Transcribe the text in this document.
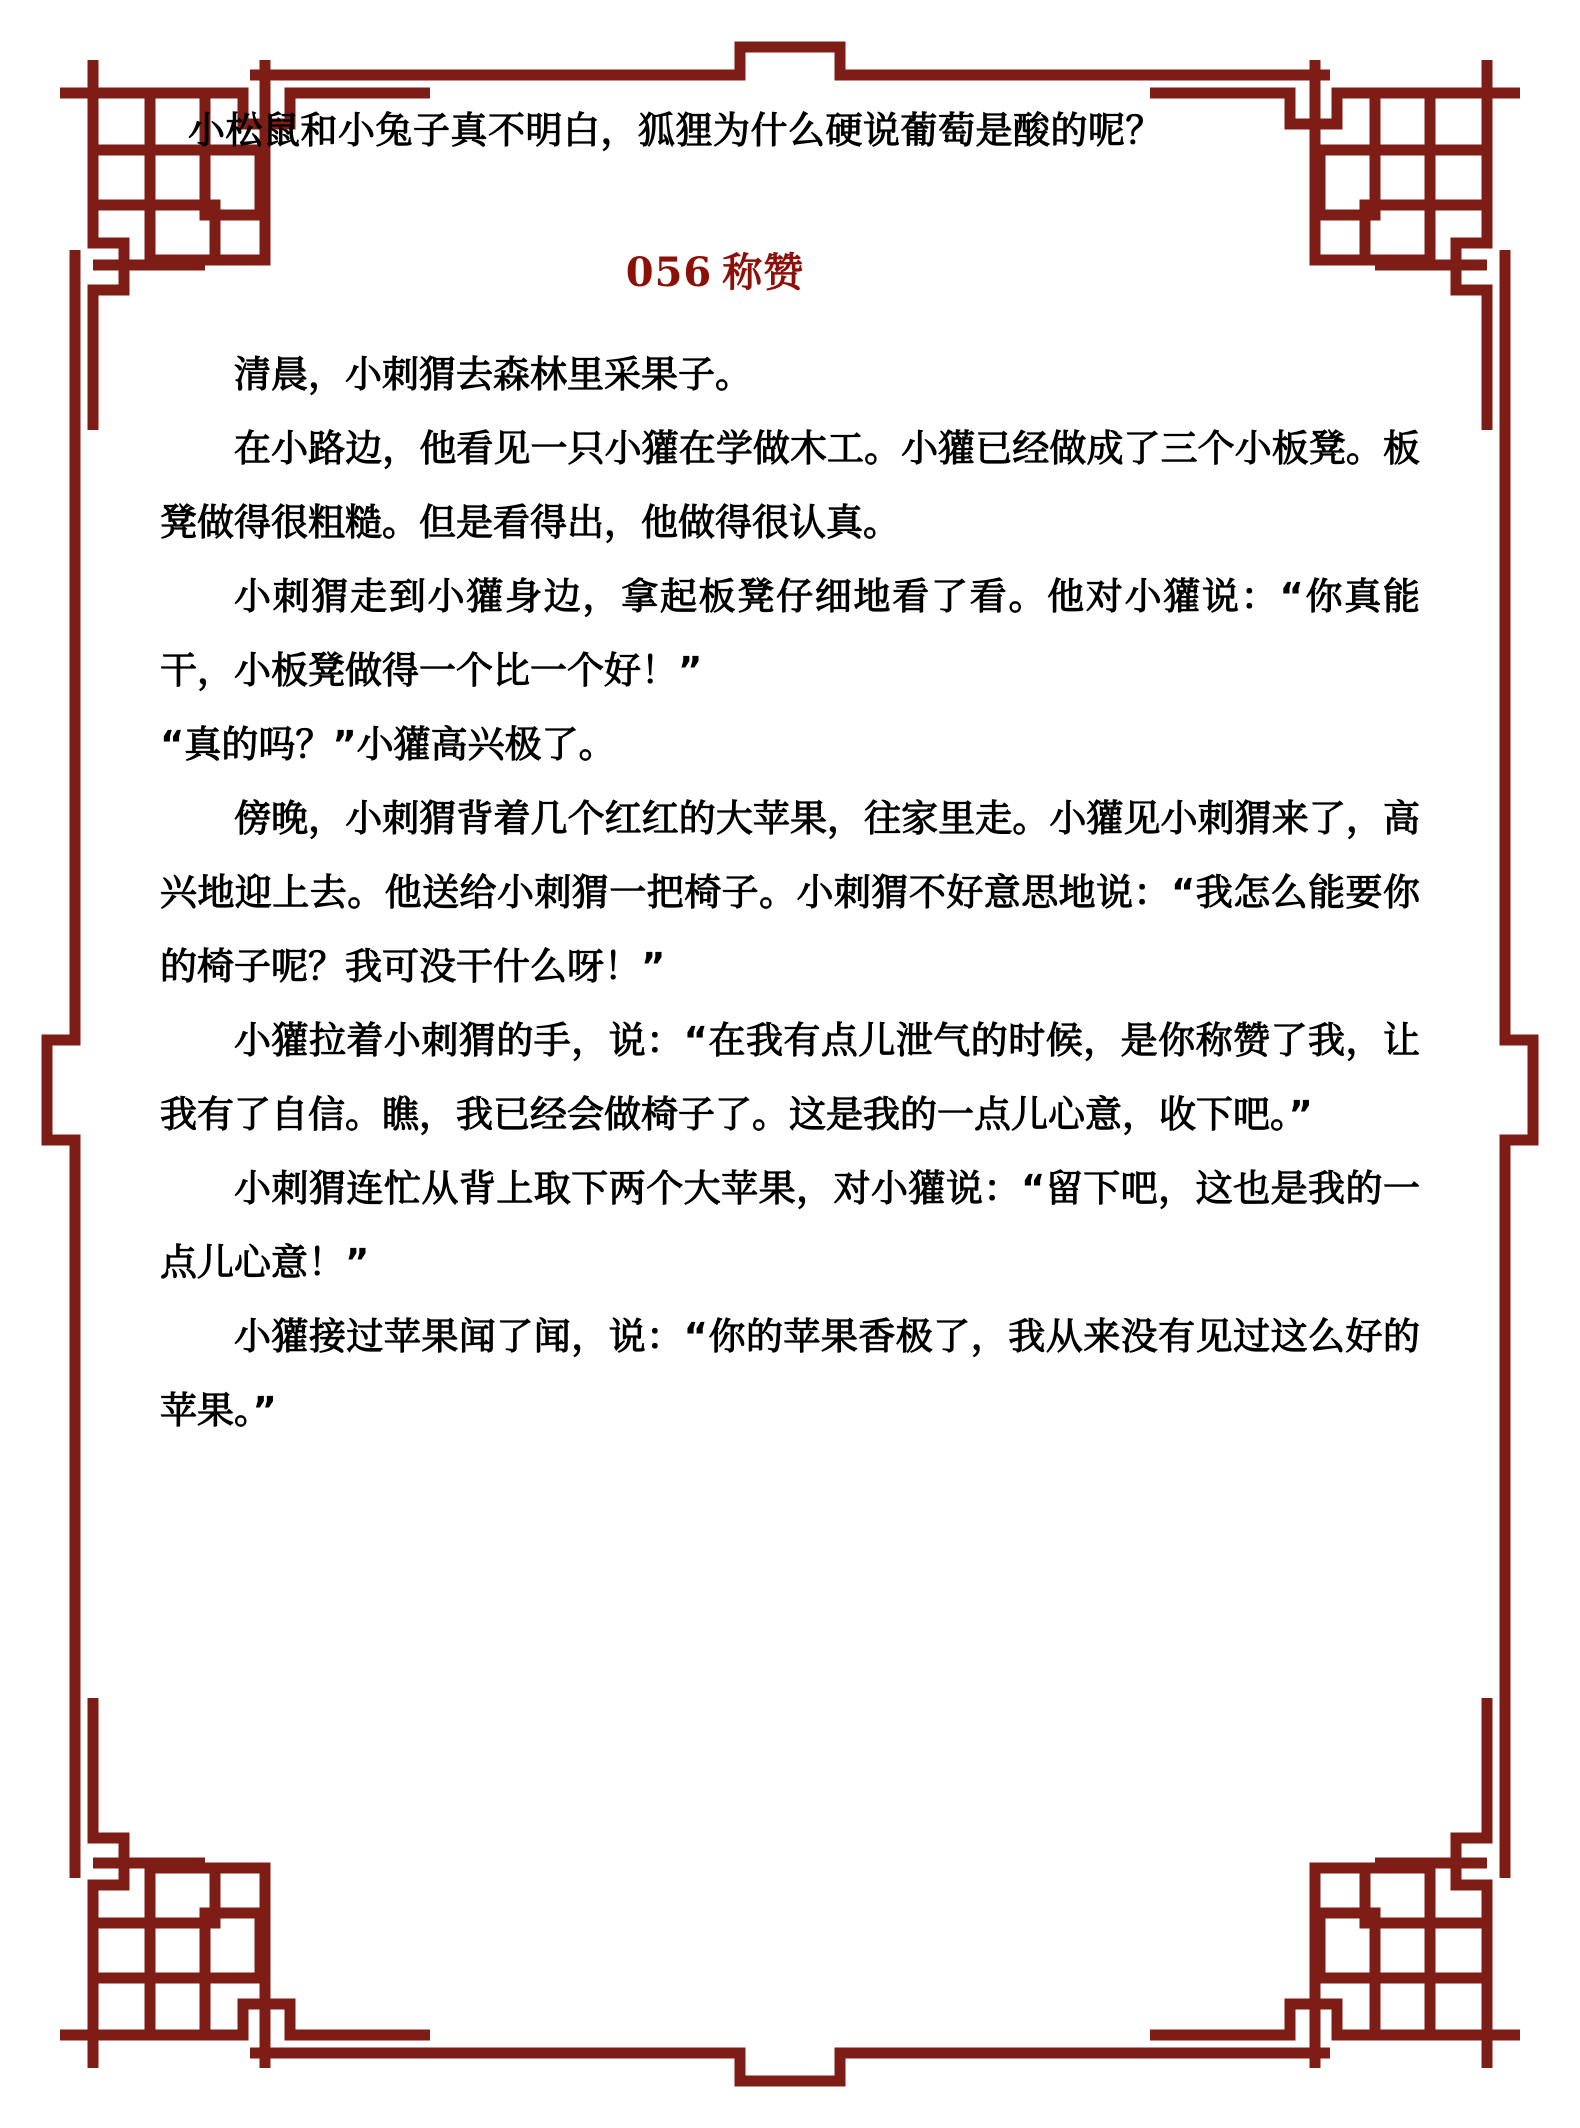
小松鼠和小兔子真不明白，狐狸为什么硬说葡萄是酸的呢？
056 称赞

清晨，小刺猬去森林里采果子。

在小路边，他看见一只小獾在学做木工。小獾已经做成了三个小板凳。板凳做得很粗糙。但是看得出，他做得很认真。

小刺猬走到小獾身边，拿起板凳仔细地看了看。他对小獾说：“你真能干，小板凳做得一个比一个好！”

“真的吗？”小獾高兴极了。

傍晚，小刺猬背着几个红红的大苹果，往家里走。小獾见小刺猬来了，高兴地迎上去。他送给小刺猬一把椅子。小刺猬不好意思地说：“我怎么能要你的椅子呢？我可没干什么呀！”

小獾拉着小刺猬的手，说：“在我有点儿泄气的时候，是你称赞了我，让我有了自信。瞧，我已经会做椅子了。这是我的一点儿心意，收下吧。”

小刺猬连忙从背上取下两个大苹果，对小獾说：“留下吧，这也是我的一点儿心意！”

小獾接过苹果闻了闻，说：“你的苹果香极了，我从来没有见过这么好的苹果。”
